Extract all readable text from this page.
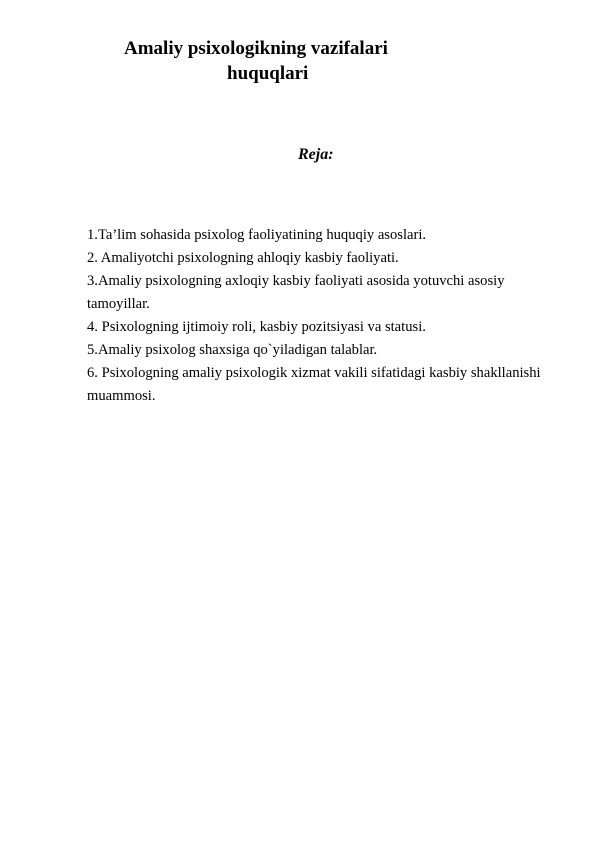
Amaliy psixologikning vazifalari
huquqlari
Reja:
1.Ta’lim sohasida psixolog faoliyatining huquqiy asoslari.
2. Amaliyotchi psixologning ahloqiy kasbiy faoliyati.
3.Amaliy psixologning axloqiy kasbiy faoliyati asosida yotuvchi asosiy tamoyillar.
4. Psixologning ijtimoiy roli, kasbiy pozitsiyasi va statusi.
5.Amaliy psixolog shaxsiga qo`yiladigan talablar.
6. Psixologning amaliy psixologik xizmat vakili sifatidagi kasbiy shakllanishi muammosi.
